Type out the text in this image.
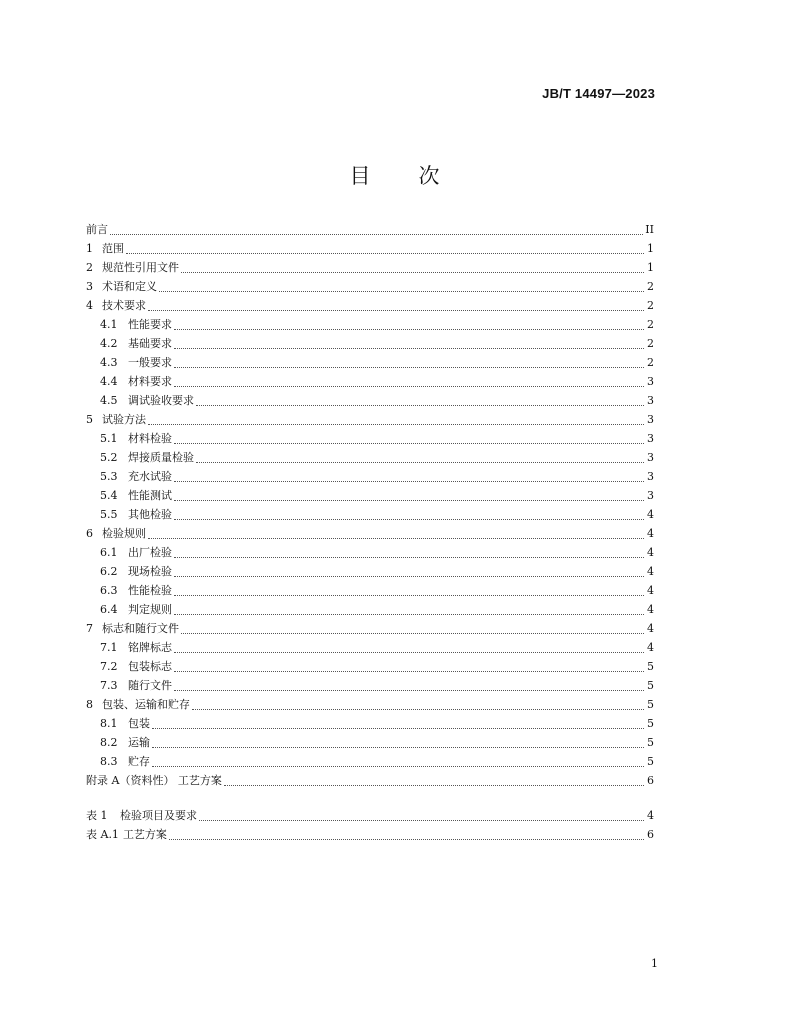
JB/T 14497—2023
目　　次
前言	II
1 范围	1
2 规范性引用文件	1
3 术语和定义	2
4 技术要求	2
4.1 性能要求	2
4.2 基础要求	2
4.3 一般要求	2
4.4 材料要求	3
4.5 调试验收要求	3
5 试验方法	3
5.1 材料检验	3
5.2 焊接质量检验	3
5.3 充水试验	3
5.4 性能测试	3
5.5 其他检验	4
6 检验规则	4
6.1 出厂检验	4
6.2 现场检验	4
6.3 性能检验	4
6.4 判定规则	4
7 标志和随行文件	4
7.1 铭牌标志	4
7.2 包装标志	5
7.3 随行文件	5
8 包装、运输和贮存	5
8.1 包装	5
8.2 运输	5
8.3 贮存	5
附录 A（资料性） 工艺方案	6
表 1	检验项目及要求	4
表 A.1 工艺方案	6
1
